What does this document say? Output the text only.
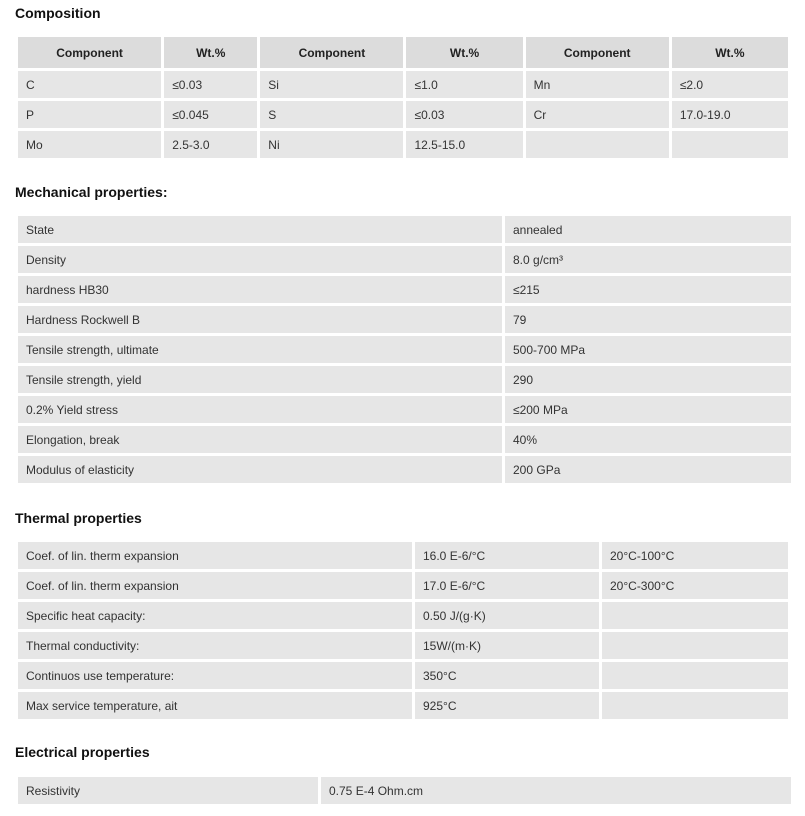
Composition
Component	Wt.%	Component	Wt.%	Component	Wt.%
C	≤0.03	Si	≤1.0	Mn	≤2.0
P	≤0.045	S	≤0.03	Cr	17.0-19.0
Mo	2.5-3.0	Ni	12.5-15.0		
Mechanical properties:
State	annealed
Density	8.0 g/cm³
hardness HB30	≤215
Hardness Rockwell B	79
Tensile strength, ultimate	500-700 MPa
Tensile strength, yield	290
0.2% Yield stress	≤200 MPa
Elongation, break	40%
Modulus of elasticity	200 GPa
Thermal properties
Coef. of lin. therm expansion	16.0 E-6/°C	20°C-100°C
Coef. of lin. therm expansion	17.0 E-6/°C	20°C-300°C
Specific heat capacity:	0.50 J/(g·K)	
Thermal conductivity:	15W/(m·K)	
Continuos use temperature:	350°C	
Max service temperature, ait	925°C	
Electrical properties
Resistivity	0.75 E-4 Ohm.cm
